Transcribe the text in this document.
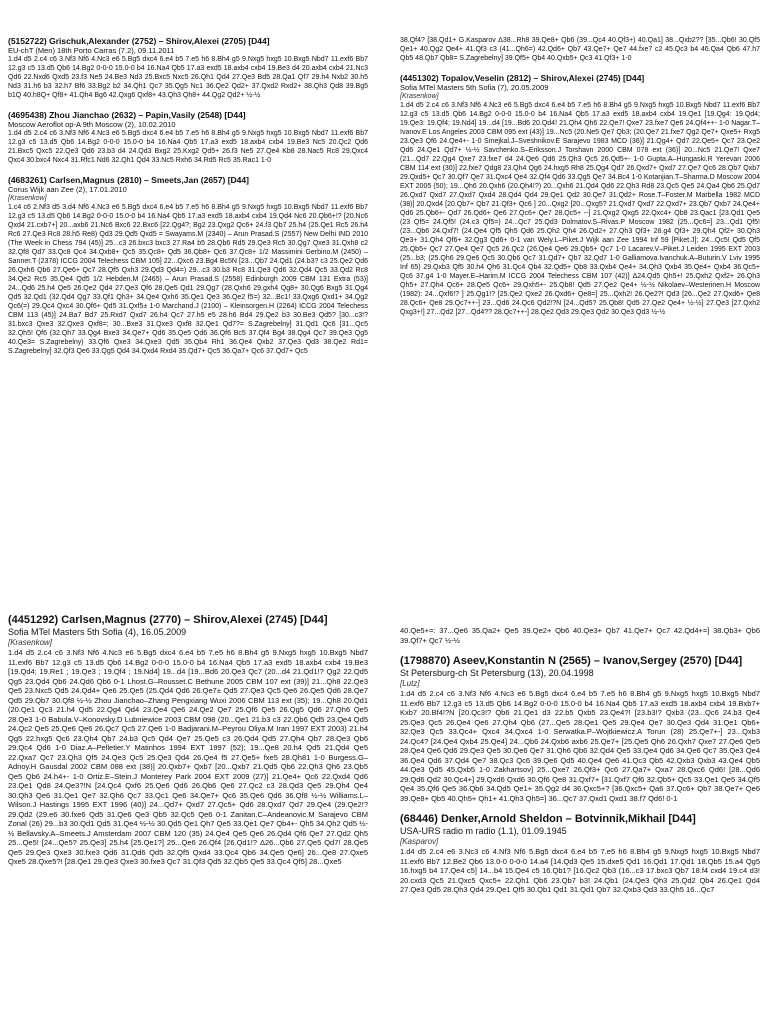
(5152722) Grischuk,Alexander (2752) – Shirov,Alexei (2705) [D44]

EU-chT (Men) 18th Porto Carras (7.2), 09.11.2011

1.d4 d5 2.c4 c6 3.Nf3 Nf6 4.Nc3 e6 5.Bg5 dxc4 6.e4 b5 7.e5 h6 8.Bh4 g5 9.Nxg5 hxg5 10.Bxg5 Nbd7 11.exf6 Bb7 12.g3 c5 13.d5 Qb6 14.Bg2 0-0-0 15.0-0 b4 16.Na4 Qb5 17.a3 exd5 18.axb4 cxb4 19.Be3 d4 20.axb4 cxb4 21.Nc3 Qd6 22.Nxd6 Qxd5 23.f3 Ne5 24.Be3 Nd3 25.Bxc5 Nxc5 26.Qh1 Qd4 27.Qe3 Bd5 28.Qa1 Qf7 29.h4 Nxb2 30.h5 Nd3 31.h6 b3 32.h7 Bf6 33.Bg2 b2 34.Qh1 Qc7 35.Qg5 Nc1 36.Qe2 Qd2+ 37.Qxd2 Rxd2+ 38.Qh3 Qd8 39.Bg5 b1Q 40.h8Q+ Qf8+ 41.Qh4 Bg6 42.Qxg6 Qxf8+ 43.Qh3 Qh8+ 44.Qg2 Qd2+ ½-½

(4695438) Zhou Jianchao (2632) – Papin,Vasily (2548) [D44]

Moscow Aeroflot op-A 9th Moscow (2), 10.02.2010

1.d4 d5 2.c4 c6 3.Nf3 Nf6 4.Nc3 e6 5.Bg5 dxc4 6.e4 b5 7.e5 h6 8.Bh4 g5 9.Nxg5 hxg5 10.Bxg5 Nbd7 11.exf6 Bb7 12.g3 c5 13.d5 Qb6 14.Bg2 0-0-0 15.0-0 b4 16.Na4 Qb5 17.a3 exd5 18.axb4 cxb4 19.Be3 Nc5 20.Qc2 Qd6 21.Bxc5 Qxc5 22.Qe3 Qd6 23.b3 d4 24.Qd3 Bxg2 25.Kxg2 Qd5+ 26.f3 Ne5 27.Qe4 Kb8 28.Nac5 Rc8 29.Qxc4 Qxc4 30.bxc4 Nxc4 31.Rfc1 Nd6 32.Qh1 Qd4 33.Nc5 Rxh6 34.Rd5 Rc5 35.Rac1 1-0

(4683261) Carlsen,Magnus (2810) – Smeets,Jan (2657) [D44]

Corus Wijk aan Zee (2), 17.01.2010

[Krasenkow]

1.c4 c6 2.Nf3 d5 3.d4 Nf6 4.Nc3 e6 5.Bg5 dxc4 6.e4 b5 7.e5 h6 8.Bh4 g5 9.Nxg5 hxg5 10.Bxg5 Nbd7 11.exf6 Bb7 12.g3 c5 13.d5 Qb6 14.Bg2 0-0-0 15.0-0 b4 16.Na4 Qb5 17.a3 exd5 18.axb4 cxb4 19.Qd4 Nc6 20.Qb6+!? [20.Nc6 Qxd4 21.cxb7+] 20...axb6 21.Nc6 Bxc6 22.Bxc6 [22.Qg4?; Bg2 23.Qxg2 Qc6+ 24.f3 Qb7 25.h4 (25.Qe1 Rc5 26.h4 Rc6 27.Qe3 Rc8 28.h5 Re8) Qd3 29.Qd5 Qxd5 = Swayams.M (2340) – Arun Prasad.S (2557) New Delhi IND 2010 (The Week in Chess 794 (45)] 25...c3 26.bxc3 bxc3 27.Ra4 b5 28.Qb6 Rd5 29.Qe3 Rc5 30.Qg7 Qxe3 31.Qxh8 c2 32.Qf8 Qd7 33.Qc8 Qc4 34.Qxb8+ Qc5 35.Qc8+ Qd5 36.Qb8+ Qc6 37.Qc8+ 1/2 Massimini Gerbino.M (2450) – Sanner.T (2378) ICCG 2004 Telechess CBM 105] 22...Qxc6 23.Bg4 Bc5N [23...Qb7 24.Qd1 (24.b3? c3 25.Qe2 Qd6 26.Qxh6 Qb6 27.Qe6+ Qc7 28.Qf5 Qxh3 29.Qd3 Qd4=) 29...c3 30.b3 Rc8 31.Qe3 Qd6 32.Qd4 Qc5 33.Qd2 Rc8 34.Qe2 Rc5 35.Qe4 Qd5 1/2 Hebden.M (2465) – Arun Prasad.S (2558) Edinburgh 2009 CBM 131 Extra (53)] 24...Qd6 25.h4 Qe5 26.Qe2 Qd4 27.Qe3 Qf6 28.Qe5 Qd1 29.Qg7 (28.Qxh6 29.gxh4 Qg8+ 30.Qg6 Bxg5 31.Qg4 Qd5 32.Qd1 (32.Qd4 Qg7 33.Qf1 Qh3+ 34.Qe4 Qxh6 35.Qe1 Qe3 36.Qe2 f5=) 32...Bc1! 33.Qxg6 Qxd1+ 34.Qg2 Qc6(=) 29.Qc4 Qxc4 30.Qf6+ Qd5 31.Qxf5± 1-0 Marchand.J (2100) – Kleinsorgen.H (2264) ICCG 2004 Telechess CBM 113 (45)] 24.Ba7 Bd7 25.Rxd7 Qxd7 26.h4 Qc7 27.h5 e5 28.h6 Bd4 29.Qe2 b3 30.Be3 Qd5? [30...c3!? 31.bxc3 Qxe3 32.Qxe3 Qxf8=; 30...Bxe3 31.Qxe3 Qxf8 32.Qe1 Qd7?= S.Zagrebelny] 31.Qd1 Qc6 [31...Qc5 32.Qh5! Qf6 (32.Qh7 33.Qg4 Bxe3 34.Qe7+ Qd6 35.Qe5 Qd6 36.Qf6 Bc5 37.Qf4 Bg4 38.Qg4 Qc7 39.Qe3 Qg5 40.Qe3= S.Zagrebelny) 33.Qf6 Qxe3 34.Qxe3 Qd5 35.Qb4 Rh1 36.Qe4 Qxb2 37.Qe3 Qd3 38.Qe2 Rd1= S.Zagrebelny] 32.Qf3 Qe6 33.Qg5 Qd4 34.Qxd4 Rxd4 35.Qd7+ Qc5 36.Qa7+ Qc6 37.Qd7+ Qc5

38.Qf4? [38.Qd1+ G.Kasparov Δ38...Rh8 39.Qe8+ Qb6 (39...Qc4 40.Qf3+) 40.Qa1] 38...Qxb2?? [35...Qb6! 30.Qf5 Qe1+ 40.Qg2 Qe4+ 41.Qf3 c3 (41...Qh6=) 42.Qd6+ Qb7 43.Qe7+ Qe7 44.fxe7 c2 45.Qc3 b4 46.Qa4 Qb6 47.h7 Qb5 48.Qb7 Qb8= S.Zagrebelny] 39.Qf5+ Qb4 40.Qxb5+ Qc3 41.Qf3+ 1-0

(4451302) Topalov,Veselin (2812) – Shirov,Alexei (2745) [D44]

Sofia MTel Masters 5th Sofia (7), 20.05.2009

[Krasenkow]

1.d4 d5 2.c4 c6 3.Nf3 Nf6 4.Nc3 e6 5.Bg5 dxc4 6.e4 b5 7.e5 h6 8.Bh4 g5 9.Nxg5 hxg5 10.Bxg5 Nbd7 11.exf6 Bb7 12.g3 c5 13.d5 Qb6 14.Bg2 0-0-0 15.0-0 b4 16.Na4 Qb5 17.a3 exd5 18.axb4 cxb4 19.Qe1 [19.Qg4: 19.Qd4; 19.Qe3: 19.Qf4; 19.Nd4] 19...d4 [19...Bd6 20.Qd4! 21.Qh4 Qh6 22.Qe7! Qxe7 23.fxe7 Qe6 24.Qf4++- 1-0 Nagar.T–Ivanov.E Los Angeles 2003 CBM 095 ext (43)] 19...Nc5 (20.Ne5 Qe7 Qb3; (20.Qe7 21.fxe7 Qg2 Qe7+ Qxe5+ Rxg5 23.Qe3 Qf6 24.Qe4+- 1-0 Smejkal.J–Sveshnikov.E Sarajevo 1983 MCD (36)] 21.Qg4+ Qd7 22.Qe5+ Qc7 23.Qe2 Qd6 24.Qe1 Qd7+ ½-½ Savchenko.S–Eriksson.J Torshavn 2000 CBM 078 ext (36)] 20...Nc5 21.Qe7! Qxe7 (21...Qd7 22.Qg4 Qxe7 23.fxe7 d4 24.Qe6 Qd6 25.Qh3 Qc5 26.Qd5+- 1-0 Gupta.A–Hungaski.R Yerevan 2006 CBM 114 ext (30)] 22.fxe7 Qdg8 23.Qh4 Qg6 24.hxg5 Rh8 25.Qg4 Qd7 26.Qxd7+ Qxd7 27.Qe7 Qc6 28.Qb7 Qxb7 29.Qxd5+ Qc7 30.Qf7 Qe7 31.Qxc4 Qe4 32.Qf4 Qd6 33.Qg5 Qe7 34.Bc4 1-0 Kotanjian.T–Sharma.D Moscow 2004 EXT 2005 (50); 19...Qh6 20.Qxh6 (20.Qh4!?) 20...Qxh6 21.Qd4 Qd6 22.Qh3 Rd8 23.Qc5 Qe5 24.Qa4 Qb6 25.Qd7 26.Qxd7 Qxd7 27.Qxd7 Qxd4 28.Qd4 Qd4 29.Qe1 Qd2 30.Qe7 31.Qd2+ Rose.T–Foster.M Marbella 1982 MCD (38)] 20.Qxd4 [20.Qb7+ Qb7 21.Qf3+ Qc6 ] 20...Qxg2 [20...Qxg5? 21.Qxd7 Qxd7 22.Qxd7+ 23.Qb7 Qxb7 24.Qe4+ Qd6 25.Qb6+- Qd7 26.Qd6+ Qe6 27.Qc6+ Qe7 28.Qc5+ --] 21.Qxg2 Qxg5 22.Qxc4+ Qb8 23.Qac1 [23.Qd1 Qe5 (23 Qf5= 24.Qf5! (24.c3 Qf5=) 24...Qc7 25.Qd3 Dolmatov.S–Rivas.P Moscow 1982 (25...Qc6=] 23...Qd1 Qf5! (23...Qb6 24.Qxf7! (24.Qe4 Qf5 Qh5 Qd6 25.Qh2 Qh4 26.Qd2+ 27.Qh3 Qf3+ 28.g4 Qf3+ 29.Qh4 Qf2+ 30.Qh3 Qe3+ 31.Qh4 Qf6+ 32.Qg3 Qd6+ 0-1 van Wely.L–Piket.J Wijk aan Zee 1994 Inf 59 [Piket.J]; 24...Qc5! Qd5 Qf5 25.Qb5+ Qc7 27.Qe4 Qe7 Qc5 26.Qc2 (26.Qe4 Qe6 29.Qb5+ Qc7 1-0 Lacarev.V–Piket.J Leiden 1995 EXT 2003 (25...b3; (25.Qh6 29.Qe6 Qc5 30.Qb6 Qc7 31.Qd7+ Qb7 32.Qd7 1-0 Galliamova.Ivanchuk.A–Buturin.V Lviv 1995 Inf 65) 29.Qxb3 Qf5 30.h4 Qh6 31.Qc4 Qb4 32.Qd5+ Qb8 33.Qxb4 Qe4+ 34.Qh3 Qxb4 35.Qe4+ Qxb4 36.Qc5+ Qc6 37.g4 1-0 Mayer.E–Harim.M ICCG 2004 Telechess CBM 107 (42)] Δ24.Qd5 Qh5+! 25.Qxh2 Qxf2+ 26.Qh3 Qh5+ 27.Qh4 Qc6+ 28.Qe5 Qc6+ 29.Qxh5+- 25.Qb8! Qd5 27.Qe2 Qe4+ ½-½ Nikolaev–Westerinen.H Moscow (1982): 24...Qxf6!? ] 25.Qg1!? [25.Qe2 Qxe2 26.Qxd6+ Qe8=] 25...Qxh2! 26.Qe2?! Qd3 [26...Qe2 27.Qxd6+ Qe8 28.Qc6+ Qe8 29.Qc7++-] 23...Qd6 24.Qc6 Qd2!?N [24...Qd5? 25.Qb8! Qd5 27.Qe2 Qe4+ ½-½] 27.Qe3 [27.Qxh2 Qxg3+!] 27...Qd2 [27...Qd4?? 28.Qc7++-] 28.Qe2 Qd3 29.Qe3 Qd2 30.Qe3 Qd3 ½-½

(4451292) Carlsen,Magnus (2770) – Shirov,Alexei (2745) [D44]

Sofia MTel Masters 5th Sofia (4), 16.05.2009

[Krasenkow]

1.d4 d5 2.c4 c6 3.Nf3 Nf6 4.Nc3 e6 5.Bg5 dxc4 6.e4 b5 7.e5 h6 8.Bh4 g5 9.Nxg5 hxg5 10.Bxg5 Nbd7 11.exf6 Bb7 12.g3 c5 13.d5 Qb6 14.Bg2 0-0-0 15.0-0 b4 16.Na4 Qb5 17.a3 exd5 18.axb4 cxb4 19.Be3 [19.Qd4; 19.Re1 ; 19.Qe3 ; 19.Qf4 ; 19.Nd4] 19...d4 [19...Bd6 20.Qe3 Qc7 (20...d4 21.Qd1!? Qg2 22.Qd5 Qg5 23.Qd4 Qb6 24.Qd6 Qb6 0-1 Lhost.G–Rousset.C Bethune 2005 CBM 107 ext (39)] 21...Qh8 22.Qe3 Qe5 23.Nxc5 Qd5 24.Qd4+ Qe6 25.Qe5 (25.Qd4 Qd6 26.Qe7± Qd5 27.Qe3 Qc5 Qe6 26.Qe5 Qd6 28.Qe7 Qd5 29.Qb7 30.Qf8 ½-½ Zhou Jianchao–Zhang Pengxiang Wuxi 2006 CBM 113 ext (35); 19...Qh8 20.Qd1 (20.Qe1 Qc3 21.h4 Qd5 22.Qg4 Qd4 23.Qe4 Qe6 24.Qe2 Qe7 25.Qf6 Qe5 26.Qg5 Qd6 27.Qh6 Qe5 28.Qe3 1-0 Babula.V–Konovsky.D Lubniewice 2003 CBM 098 (20...Qe1 21.b3 c3 22.Qb6 Qd5 23.Qe4 Qd5 24.Qc2 Qe5 25.Qe6 Qe6 26.Qc7 Qc5 27.Qe6 1-0 Badjarani.M–Peyrou Oliya.M Iran 1997 EXT 2003) 21.h4 Qg5 22.hxg5 Qc6 23.Qh4 Qb7 24.b3 Qc5 Qd4 Qe7 25.Qe5 c3 26.Qd4 Qd5 27.Qh4 Qb7 28.Qe3 Qb6 29.Qc4 Qd6 1-0 Diaz.A–Pelletier.Y Matinhos 1994 EXT 1997 (52); 19...Qe8 20.h4 Qd5 21.Qd4 Qe5 22.Qxa7 Qc7 23.Qh3 Qf5 24.Qe3 Qc5 25.Qe3 Qd4 26.Qe4 f5 27.Qe5+ fxe5 28.Qh81 1-0 Burgess.G–Adnoy.H Gausdal 2002 CBM 088 ext (38)] 20.Qxb7+ Qxb7 [20...Qxb7 21.Qd5 Qb6 22.Qh3 Qh6 23.Qb5 Qe5 Qb6 24.h4+- 1-0 Ortiz.E–Stein.J Monterey Park 2004 EXT 2009 (27)] 21.Qe4+ Qc6 22.Qxd4 Qd6 23.Qe1 Qd8 24.Qe3?!N [24.Qc4 Qxf6 25.Qe6 Qd6 26.Qb6 Qe6 27.Qc2 c3 28.Qd3 Qe5 29.Qh4 Qe4 30.Qh3 Qe6 31.Qe1 Qe7 32.Qh6 Qc7 33.Qc1 Qe6 34.Qe7+ Qc6 35.Qe6 Qd6 36.Qf8 ½-½ Williams.L–Wilson.J Hastings 1995 EXT 1996 (40)] 24...Qd7+ Qxd7 27.Qc5+ Qd6 28.Qxd7 Qd7 29.Qe4 (29.Qe2!? 29.Qd2 (29.e6 30.fxe6 Qd5 31.Qe6 Qe3 Qb5 32.Qc5 Qe6 0-1 Zanitan.C–Andeanovic.M Sarajevo CBM Zonal (26) 29...b3 30.Qd1 Qd5 31.Qe4 ½-½ 30.Qd5 Qe1 Qh7 Qe5 33.Qe1 Qe7 Qb4+- Qh5 34.Qh2 Qd5 ½-½ Bellavsky.A–Smeets.J Amsterdam 2007 CBM 120 (35) 24.Qe4 Qe5 Qe6 26.Qd4 Qf6 Qe7 27.Qd2 Qh5 25...Qe5! [24...Qe5? 25.Qe3] 25.h4 [25.Qe1?] 25...Qe6 26.Qf4 [26.Qd1!? Δ26...Qb6 27.Qe5 Qd7! 28.Qe5 Qe5 29.Qe3 Qxe3 30.fxe3 Qd6 31.Qd6 Qd5 32.Qf5 Qxd4 33.Qc4 Qb6 34.Qe5 Qe6] 26...Qe8 27.Qxe5 Qxe5 28.Qxe5?! [28.Qe1 29.Qe3 Qxe3 30.fxe3 Qc7 31.Qf3 Qd5 32.Qb5 Qe5 33.Qc4 Qf5] 28...Qxe5

40.Qe5+=: 37...Qe6 35.Qa2+ Qe5 39.Qe2+ Qb6 40.Qe3+ Qb7 41.Qe7+ Qc7 42.Qd4+=] 38.Qb3+ Qb6 39.Qf7+ Qc7 ½-½

(1798870) Aseev,Konstantin N (2565) – Ivanov,Sergey (2570) [D44]

St Petersburg-ch St Petersburg (13), 20.04.1998

[Lutz]

1.d4 d5 2.c4 c6 3.Nf3 Nf6 4.Nc3 e6 5.Bg5 dxc4 6.e4 b5 7.e5 h6 8.Bh4 g5 9.Nxg5 hxg5 10.Bxg5 Nbd7 11.exf6 Bb7 12.g3 c5 13.d5 Qb6 14.Bg2 0-0-0 15.0-0 b4 16.Na4 Qb5 17.a3 exd5 18.axb4 cxb4 19.Bxb7+ Kxb7 20.Bf4!?N [20.Qc3!? Qb6 21.Qe1 d3 22.b5 Qxb5 23.Qe4?! [23.b3!? Qxb3 (23...Qc6 24.b3 Qe4 25.Qe3 Qc5 26.Qe4 Qe6 27.Qh4 Qb6 (27...Qe5 28.Qe1 Qe5 29.Qe4 Qe7 30.Qe3 Qd4 31.Qe1 Qb6+ 32.Qe3 Qc5 33.Qc4+ Qxc4 34.Qxc4 1-0 Serwatka.P–Wojtkiewicz.A Torun (28) 25.Qe7+-] 23...Qxb3 24.Qc4? [24.Qe4 Qxb4 25.Qe4] 24...Qb6 24.Qxb6 axb6 25.Qe7+ [25.Qe5 Qh6 26.Qxh7 Qxe7 27.Qe6 Qe5 28.Qe4 Qe6 Qd6 29.Qe3 Qe5 30.Qe6 Qe7 31.Qh6 Qb6 32.Qd4 Qe5 33.Qe4 Qd6 34.Qe6 Qc7 35.Qe3 Qe4 36.Qe4 Qd6 37.Qd4 Qe7 38.Qc3 Qc6 39.Qe6 Qd5 40.Qe4 Qe6 41.Qc3 Qb5 42.Qxb3 Qxb3 43.Qe4 Qb5 44.Qe3 Qd5 45.Qxb5 1-0 Zakhartsov] 25...Qxe7 26.Qf3+ Qc6 27.Qa7+ Qxa7 28.Qxc6 Qd6! [28...Qd6 29.Qd6 Qd2 30.Qc4+] 29.Qxd6 Qxd6 30.Qf6 Qe8 31.Qxf7+ [31.Qxf7 Qf6 32.Qb5+ Qc5 33.Qe1 Qe5 34.Qf5 Qe4 35.Qf6 Qe5 36.Qb6 34.Qd5 Qe1+ 35.Qg2 d4 36.Qxc5+? [36.Qxc5+ Qa6 37.Qc6+ Qb7 38.Qe7+ Qe6 39.Qe8+ Qb5 40.Qh5+ Qh1+ 41.Qh3 Qh5=] 36...Qc7 37.Qxd1 Qxd1 38.f7 Qd6! 0-1

(68446) Denker,Arnold Sheldon – Botvinnik,Mikhail [D44]

USA-URS radio m radio (1.1), 01.09.1945

[Kasparov]

1.d4 d5 2.c4 e6 3.Nc3 c6 4.Nf3 Nf6 5.Bg5 dxc4 6.e4 b5 7.e5 h6 8.Bh4 g5 9.Nxg5 hxg5 10.Bxg5 Nbd7 11.exf6 Bb7 12.Be2 Qb6 13.0-0 0-0-0 14.a4 [14.Qd3 Qe5 15.dxe5 Qd1 16.Qd1 17.Qd1 18.Qb5 15.a4 Qg5 16.hxg5 b4 17.Qe4 c5] 14...b4 15.Qe4 c5 16.Qb1? [16.Qc2 Qb3 (16...c3 17.bxc3 Qb7 18.f4 cxd4 19.c4 d3! 20.cxd3 Qc5 21.Qxc5 Qxc5+ 22.Qh1 Qb6 23.Qb7 b3! 24.Qb1 (24.Qe3 Qh3 25.Qd2 Qb4 26.Qe1 Qd4 27.Qe3 Qd5 28.Qh3 Qd4 29.Qe1 Qf5 30.Qb1 Qd1 31.Qd1 Qb7 32.Qxb3 Qd3 33.Qh5 16...Qc7
